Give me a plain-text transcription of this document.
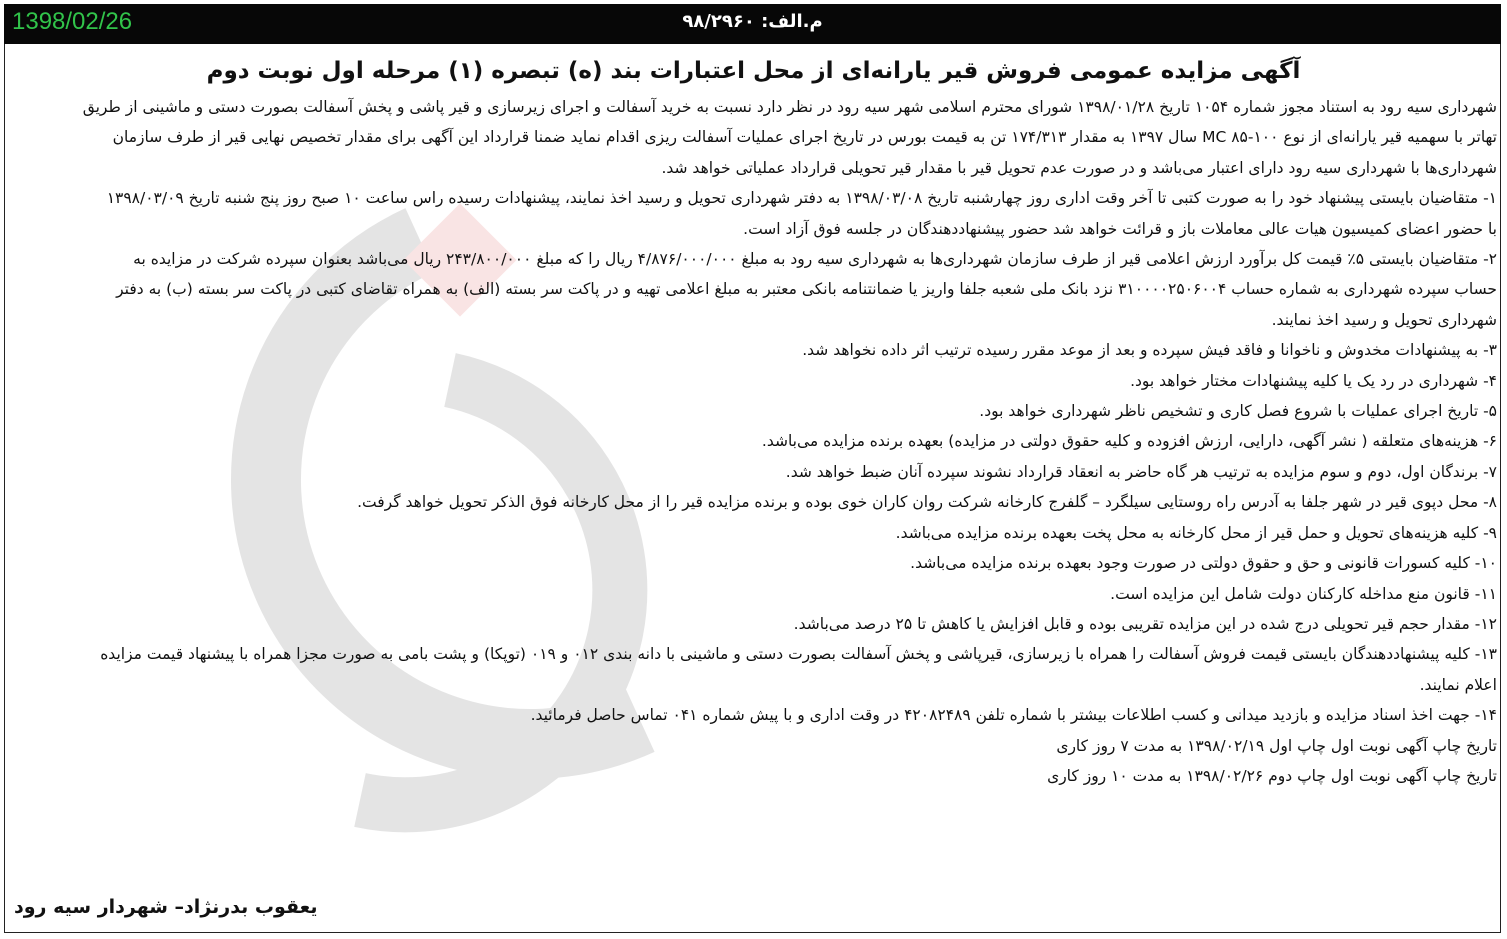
1398/02/26	م.الف: ۹۸/۲۹۶۰
آگهی مزایده عمومی فروش قیر یارانه‌ای از محل اعتبارات بند (ه) تبصره (۱) مرحله اول نوبت دوم
شهرداری سیه رود به استناد مجوز شماره ۱۰۵۴ تاریخ ۱۳۹۸/۰۱/۲۸ شورای محترم اسلامی شهر سیه رود در نظر دارد نسبت به خرید آسفالت و اجرای زیرسازی و قیر پاشی و پخش آسفالت بصورت دستی و ماشینی از طریق
تهاتر با سهمیه قیر یارانه‌ای از نوع ۱۰۰-۸۵ MC سال ۱۳۹۷ به مقدار ۱۷۴/۳۱۳ تن به قیمت بورس در تاریخ اجرای عملیات آسفالت ریزی اقدام نماید ضمنا قرارداد این آگهی برای مقدار تخصیص نهایی قیر از طرف سازمان
شهرداری‌ها با شهرداری سیه رود دارای اعتبار می‌باشد و در صورت عدم تحویل قیر با مقدار قیر تحویلی قرارداد عملیاتی خواهد شد.
۱- متقاضیان بایستی پیشنهاد خود را به صورت کتبی تا آخر وقت اداری روز چهارشنبه تاریخ ۱۳۹۸/۰۳/۰۸ به دفتر شهرداری تحویل و رسید اخذ نمایند، پیشنهادات رسیده راس ساعت ۱۰ صبح روز پنج شنبه تاریخ ۱۳۹۸/۰۳/۰۹
با حضور اعضای کمیسیون هیات عالی معاملات باز و قرائت خواهد شد حضور پیشنهاددهندگان در جلسه فوق آزاد است.
۲- متقاضیان بایستی ۵٪ قیمت کل برآورد ارزش اعلامی قیر از طرف سازمان شهرداری‌ها به شهرداری سیه رود به مبلغ ۴/۸۷۶/۰۰۰/۰۰۰ ریال را که مبلغ ۲۴۳/۸۰۰/۰۰۰ ریال می‌باشد بعنوان سپرده شرکت در مزایده به
حساب سپرده شهرداری به شماره حساب ۳۱۰۰۰۰۲۵۰۶۰۰۴ نزد بانک ملی شعبه جلفا واریز یا ضمانتنامه بانکی معتبر به مبلغ اعلامی تهیه و در پاکت سر بسته (الف) به همراه تقاضای کتبی در پاکت سر بسته (ب) به دفتر
شهرداری تحویل و رسید اخذ نمایند.
۳- به پیشنهادات مخدوش و ناخوانا و فاقد فیش سپرده و بعد از موعد مقرر رسیده ترتیب اثر داده نخواهد شد.
۴- شهرداری در رد یک یا کلیه پیشنهادات مختار خواهد بود.
۵- تاریخ اجرای عملیات با شروع فصل کاری و تشخیص ناظر شهرداری خواهد بود.
۶- هزینه‌های متعلقه ( نشر آگهی، دارایی، ارزش افزوده و کلیه حقوق دولتی در مزایده) بعهده برنده مزایده می‌باشد.
۷- برندگان اول، دوم و سوم مزایده به ترتیب هر گاه حاضر به انعقاد قرارداد نشوند سپرده آنان ضبط خواهد شد.
۸- محل دپوی قیر در شهر جلفا به آدرس راه روستایی سیلگرد – گلفرج کارخانه شرکت روان کاران خوی بوده و برنده مزایده قیر را از محل کارخانه فوق الذکر تحویل خواهد گرفت.
۹- کلیه هزینه‌های تحویل و حمل قیر از محل کارخانه به محل پخت بعهده برنده مزایده می‌باشد.
۱۰- کلیه کسورات قانونی و حق و حقوق دولتی در صورت وجود بعهده برنده مزایده می‌باشد.
۱۱- قانون منع مداخله کارکنان دولت شامل این مزایده است.
۱۲- مقدار حجم قیر تحویلی درج شده در این مزایده تقریبی بوده و قابل افزایش یا کاهش تا ۲۵ درصد می‌باشد.
۱۳- کلیه پیشنهاددهندگان بایستی قیمت فروش آسفالت را همراه با زیرسازی، قیرپاشی و پخش آسفالت بصورت دستی و ماشینی با دانه بندی ۰۱۲ و ۰۱۹ (توپکا) و پشت بامی به صورت مجزا همراه با پیشنهاد قیمت مزایده
اعلام نمایند.
۱۴- جهت اخذ اسناد مزایده و بازدید میدانی و کسب اطلاعات بیشتر با شماره تلفن ۴۲۰۸۲۴۸۹ در وقت اداری و با پیش شماره ۰۴۱ تماس حاصل فرمائید.
تاریخ چاپ آگهی نوبت اول چاپ اول ۱۳۹۸/۰۲/۱۹ به مدت ۷ روز کاری
تاریخ چاپ آگهی نوبت اول چاپ دوم ۱۳۹۸/۰۲/۲۶ به مدت ۱۰ روز کاری
یعقوب بدرنژاد– شهردار سیه رود
